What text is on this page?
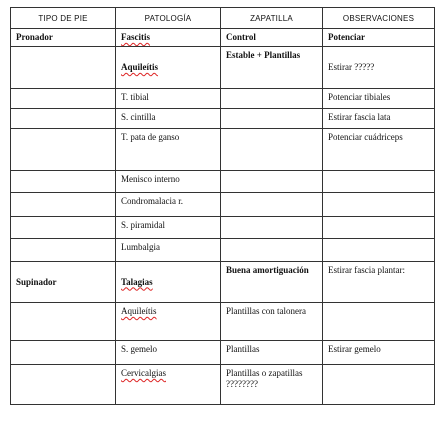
TIPO DE PIE	PATOLOGÍA	ZAPATILLA	OBSERVACIONES
Pronador	Fascitis	Control	Potenciar
	Aquileítis	Estable + Plantillas	Estirar ?????
	T. tibial		Potenciar tibiales
	S. cintilla		Estirar fascia lata
	T. pata de ganso		Potenciar cuádriceps
	Menisco interno		
	Condromalacia r.		
	S. piramidal		
	Lumbalgia		
Supinador	Talagias	Buena amortiguación	Estirar fascia plantar:
	Aquileítis	Plantillas con talonera	
	S. gemelo	Plantillas	Estirar gemelo
	Cervicalgias	Plantillas o zapatillas ????????	
